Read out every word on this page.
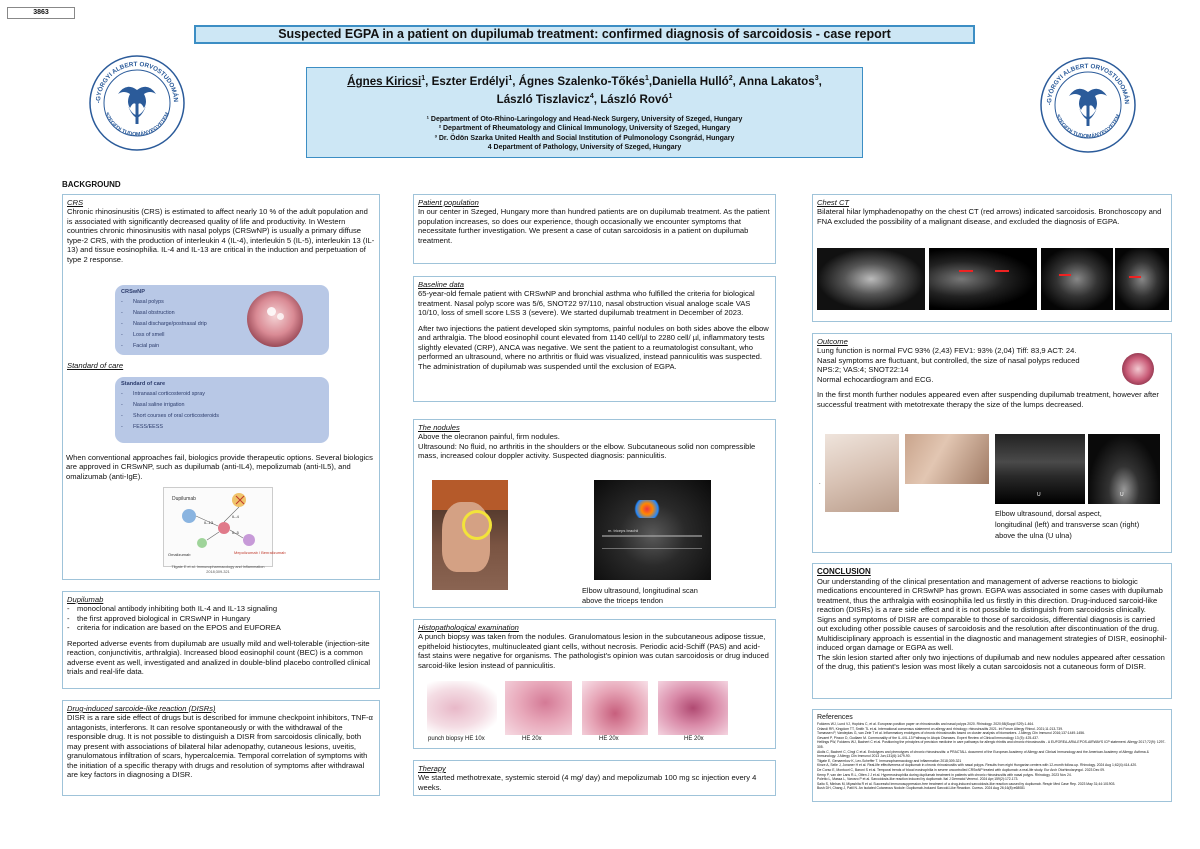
3863
Suspected EGPA in a patient on dupilumab treatment: confirmed diagnosis of sarcoidosis - case report
-GYÖRGYI ALBERT ORVOSTUDOMÁN
SZEGEDI TUDOMÁNYEGYETEM
-GYÖRGYI ALBERT ORVOSTUDOMÁN
SZEGEDI TUDOMÁNYEGYETEM
Ágnes Kiricsi$^1$, Eszter Erdélyi$^1$, Ágnes Szalenko-Tőkés$^1$,Daniella Hulló$^2$, Anna Lakatos$^3$,
László Tiszlavicz$^4$, László Rovó$^1$
¹ Department of Oto-Rhino-Laringology and Head-Neck Surgery, University of Szeged, Hungary
² Department of Rheumatology and Clinical Immunology, University of Szeged, Hungary
³ Dr. Ödön Szarka United Health and Social Institution of Pulmonology Csongrád, Hungary
4 Department of Pathology, University of Szeged, Hungary
BACKGROUND
CRS

Chronic rhinosinusitis (CRS) is estimated to affect nearly 10 % of the adult population and is associated with significantly decreased quality of life and productivity. In Western countries chronic rhinosinusitis with nasal polyps (CRSwNP) is usually a primary diffuse type-2 CRS, with the production of interleukin 4 (IL-4), interleukin 5 (IL-5), interleukin 13 (IL-13) and tissue eosinophilia. IL-4 and IL-13 are critical in the induction and perpetuation of type 2 response.

CRSwNP
- Nasal polyps
- Nasal obstruction
- Nasal discharge/postnasal drip
- Loss of smell
- Facial pain
Standard of care
Standard of care
- Intranasal corticosteroid spray
- Nasal saline irrigation
- Short courses of oral corticosteroids
- FESS/EESS
When conventional approaches fail, biologics provide therapeutic options. Several biologics are approved in CRSwNP, such as dupilumab (anti-IL4), mepolizumab (anti-IL5), and omalizumab (anti-IgE).
Dupilumab
IL-4
IL-13
IL-5
Mepolizumab / Benralizumab
Omalizumab
Tilgate E et al. Immunopharmacology and Inflammation 2018;309-321
Dupilumab
- monoclonal antibody inhibiting both IL-4 and IL-13 signaling
- the first approved biological in CRSwNP in Hungary
- criteria for indication are based on the EPOS and EUFOREA

Reported adverse events from dupilumab are usually mild and well-tolerable (injection-site reaction, conjunctivitis, arthralgia). Increased blood eosinophil count (BEC) is a common adverse event as well, investigated and analized in double-blind placebo controlled clinical trials and real-life data.

Drug-induced sarcoide-like reaction (DISRs)

DISR is a rare side effect of drugs but is described for immune checkpoint inhibitors, TNF-α antagonists, interferons. It can resolve spontaneously or with the withdrawal of the responsible drug. It is not possible to distinguish a DISR from sarcoidosis clinically, both may present with associations of bilateral hilar adenopathy, cutaneous lesions, uveitis, granulomatous infiltration of scars, hypercalcemia. Temporal correlation of symptoms with the initiation of a specific therapy with drugs and resolution of symptoms after withdrawal are key factors in diagnosing a DISR.

Patient population

In our center in Szeged, Hungary more than hundred patients are on dupilumab treatment. As the patient population increases, so does our experience, though occasionally we encounter symptoms that necessitate further investigation. We present a case of cutan sarcoidosis in a patient on dupilumab treatment.

Baseline data

65-year-old female patient with CRSwNP and bronchial asthma who fulfilled the criteria for biological treatment. Nasal polyp score was 5/6, SNOT22 97/110, nasal obstruction visual analoge scale VAS 10/10, loss of smell score LSS 3 (severe). We started dupilumab treatment in December of 2023.

After two injections the patient developed skin symptoms, painful nodules on both sides above the elbow and arthralgia. The blood eosinophil count elevated from 1140 cell/µl to 2280 cell/ µl, inflammatory tests slightly elevated (CRP), ANCA was negative. We sent the patient to a reumatologist consultant, who performed an ultrasound, where no arthritis or fluid was visualized, instead panniculitis was suspected. The administration of dupilumab was suspended until the exclusion of EGPA.

The nodules

Above the olecranon painful, firm nodules.

Ultrasound: No fluid, no arthritis in the shoulders or the elbow. Subcutaneous solid non compressible mass, increased colour doppler activity. Suspected diagnosis: panniculitis.

m. triceps brachii
Elbow ultrasound, longitudinal scan
above the triceps tendon
Histopathological examination

A punch biopsy was taken from the nodules. Granulomatous lesion in the subcutaneous adipose tissue, epitheloid histiocytes, multinucleated giant cells, without necrosis. Periodic acid-Schiff (PAS) and acid-fast stains were negative for organisms. The pathologist's opinion was cutan sarcoidosis or drug induced sarcoid-like lesion instead of panniculitis.

punch biopsy HE 10x	HE 20x	HE 20x	HE 20x
Therapy

We started methotrexate, systemic steroid (4 mg/ day) and mepolizumab 100 mg sc injection every 4 weeks.

Chest CT

Bilateral hilar lymphadenopathy on the chest CT (red arrows) indicated sarcoidosis. Bronchoscopy and FNA excluded the possibility of a malignant disease, and excluded the diagnosis of EGPA.

Outcome

Lung function is normal FVC 93% (2,43) FEV1: 93% (2,04) Tiff: 83,9 ACT: 24.

Nasal symptoms are fluctuant, but controlled, the size of nasal polyps reduced

NPS:2; VAS:4; SNOT22:14

Normal echocardiogram and ECG.

In the first month further nodules appeared even after suspending dupilumab treatment, however after successful treatment with metotrexate therapy the size of the lumps decreased.

.
U	U
Elbow ultrasound, dorsal aspect,
longitudinal (left) and transverse scan (right)
above the ulna (U ulna)
CONCLUSION

Our understanding of the clinical presentation and management of adverse reactions to biologic medications encountered in CRSwNP has grown. EGPA was associated in some cases with dupilumab treatment, thus the arthralgia with eosinophilia led us firstly in this direction. Drug-induced sarcoid-like reaction (DISRs) is a rare side effect and it is not possible to distinguish from sarcoidosis clinically. Signs and symptoms of DISR are comparable to those of sarcoidosis, differential diagnosis is carried out excluding other possible causes of sarcoidosis and the resolution after discontinuation of the drug. Multidisciplinary approach is essential in the diagnostic and management strategies of DISR, eosinophil-induced organ damage or EGPA as well.

The skin lesion started after only two injections of dupilumab and new nodules appeared after cessation of the drug, this patient's lesion was most likely a cutan sarcoidosis not a cutaneous form of DISR.

References
Fokkens WJ, Lund VJ, Hopkins C, et al. European position paper on rhinosinusitis and nasal polyps 2020. Rhinology. 2020;58(Suppl S29):1-464.
Orlandi RR, Kingdom TT, Smith TL et al. International consensus statement on allergy and rhinology: rhinosinusitis 2021. Int Forum Allergy Rhinol. 2021;11:213-739.
Tomassen P, Vandeplas G, van Zele T et al. Inflammatory endotypes of chronic rhinosinusitis based on cluster analysis of biomarkers. J Allergy Clin Immunol 2016;137:1449-1456.
Gevaert P, Pinzon D, Gudlaen M. Commonality of the IL-4/IL-13 Pathway in Atopic Diseases. Expert Review of Clinical Immunology 13 (5): 425-437.
Hellings PW, Fokkens WJ, Bachert C et al. Positioning the principles of precision medicine in care pathways for allergic rhinitis and chronic rhinosinusitis - A EUFOREA-ARIA-EPOS-AIRWAYS ICP statement. Allergy 2017;72(9): 1297-305.
Akdis C, Bachert C, Cingi C et al. Endotypes and phenotypes of chronic rhinosinusitis: a PRACTALL document of the European Academy of Allergy and Clinical Immunology and the American Academy of Allergy, Asthma & Immunology. J Allergy Clin Immunol 2013 Jun;131(6):1479-90.
Tilgate E, Genaemkov K, Lex-Scheffer T. Immunopharmacology and inflammation 2018;309-321
Kinze A, Selle J, Jonaner H et al. Real-life effectiveness of dupilumab in chronic rhinosinusitis with nasal polyps. Results from eight Hungarian centers with 12-month follow-up. Rhinology. 2024 Aug 1;62(4):414-420.
De Corso E, Montuori C, Baroni S et al. Temporal trends of blood eosinophilia in severe uncontrolled CRSwNP treated with dupilumab: a real-life study. Eur Arch Otorhinolaryngol. 2023 Dec 09.
Kemp P, van der Lans R-L, Otten J J et al. Hypereosinophilia during dupilumab treatment in patients with chronic rhinosinusitis with nasal polyps. Rhinology. 2023 Nov 24.
Poletto L, Massa L, Varvaro P et al. Sarcoidosis-like reaction induced by dupilumab. Ital J Dermatol Venerol. 2024 Apr;159(2):172-173.
Saito S, Minhas M, Miyashita R et al. Successful immunosuppression-free treatment of a drug-induced sarcoidosis-like reaction caused by dupilumab. Respir Med Case Rep. 2023 May 31;44:101903.
Bush DH, Chang J, Patil N. An Isolated Cutaneous Nodule: Dupilumab-Induced Sarcoid-Like Reaction. Cureus. 2024 Aug 26;16(8):e68081
